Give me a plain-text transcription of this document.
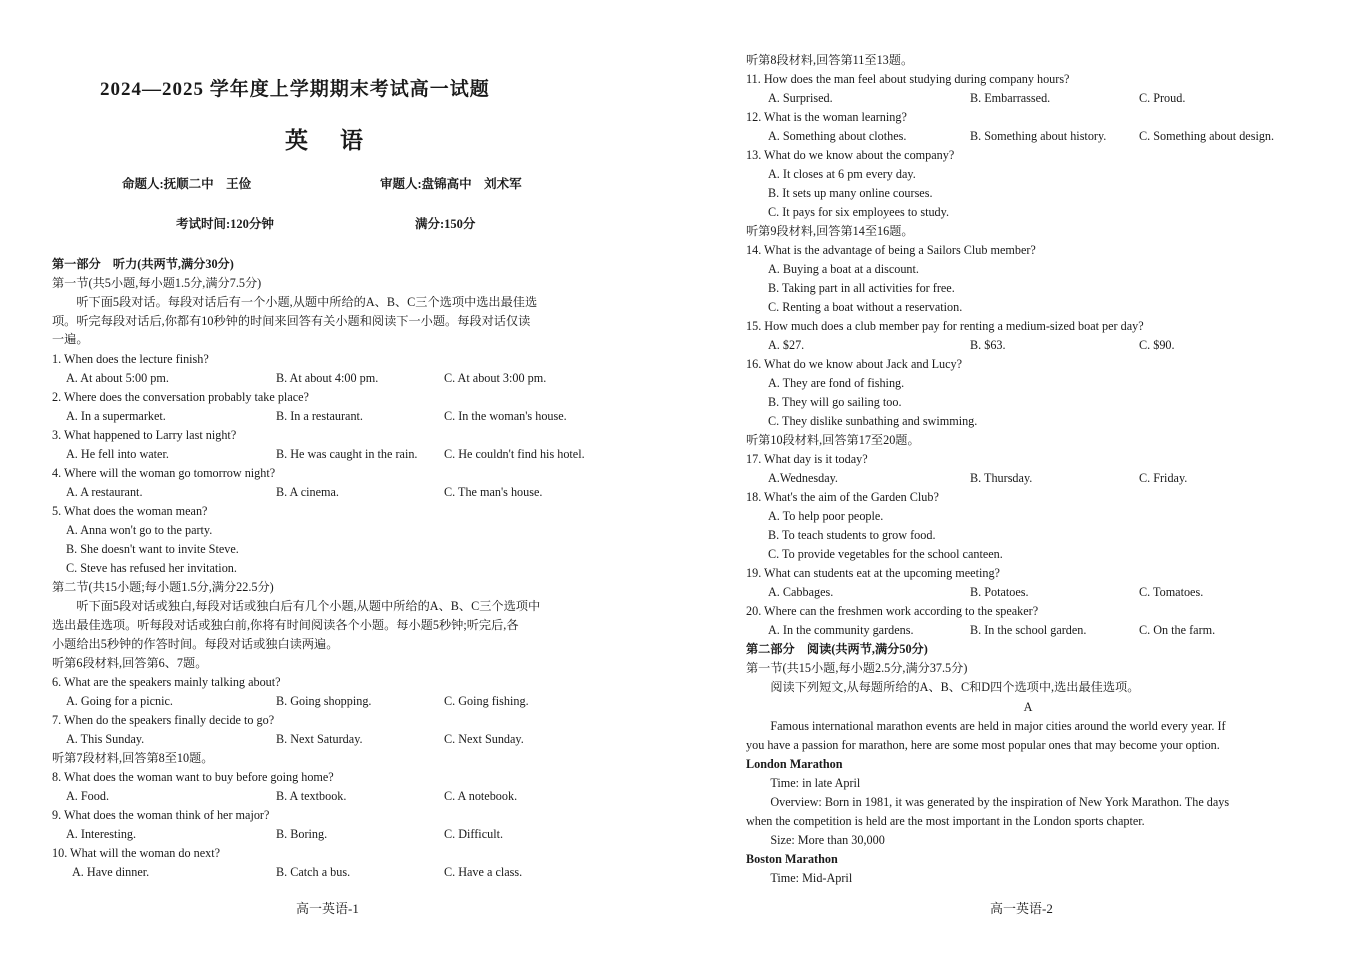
2024—2025 学年度上学期期末考试高一试题
英语
命题人:抚顺二中　王俭	审题人:盘锦高中　刘术军
考试时间:120分钟	满分:150分
第一部分　听力(共两节,满分30分)
第一节(共5小题,每小题1.5分,满分7.5分)
　　听下面5段对话。每段对话后有一个小题,从题中所给的A、B、C三个选项中选出最佳选
项。听完每段对话后,你都有10秒钟的时间来回答有关小题和阅读下一小题。每段对话仅读
一遍。
1. When does the lecture finish?
A. At about 5:00 pm.	B. At about 4:00 pm.	C. At about 3:00 pm.
2. Where does the conversation probably take place?
A. In a supermarket.	B. In a restaurant.	C. In the woman's house.
3. What happened to Larry last night?
A. He fell into water.	B. He was caught in the rain. C. He couldn't find his hotel.
4. Where will the woman go tomorrow night?
A. A restaurant.	B. A cinema.	C. The man's house.
5. What does the woman mean?
A. Anna won't go to the party.
B. She doesn't want to invite Steve.
C. Steve has refused her invitation.
第二节(共15小题;每小题1.5分,满分22.5分)
　　听下面5段对话或独白,每段对话或独白后有几个小题,从题中所给的A、B、C三个选项中
选出最佳选项。听每段对话或独白前,你将有时间阅读各个小题。每小题5秒钟;听完后,各
小题给出5秒钟的作答时间。每段对话或独白读两遍。
听第6段材料,回答第6、7题。
6. What are the speakers mainly talking about?
A. Going for a picnic.	B. Going shopping.	C. Going fishing.
7. When do the speakers finally decide to go?
A. This Sunday.	B. Next Saturday.	C. Next Sunday.
听第7段材料,回答第8至10题。
8. What does the woman want to buy before going home?
A. Food.	B. A textbook.	C. A notebook.
9. What does the woman think of her major?
A. Interesting.	B. Boring.	C. Difficult.
10. What will the woman do next?
A. Have dinner.	B. Catch a bus.	C. Have a class.
高一英语-1
听第8段材料,回答第11至13题。
11. How does the man feel about studying during company hours?
A. Surprised.	B. Embarrassed.	C. Proud.
12. What is the woman learning?
A. Something about clothes.	B. Something about history.	C. Something about design.
13. What do we know about the company?
A. It closes at 6 pm every day.
B. It sets up many online courses.
C. It pays for six employees to study.
听第9段材料,回答第14至16题。
14. What is the advantage of being a Sailors Club member?
A. Buying a boat at a discount.
B. Taking part in all activities for free.
C. Renting a boat without a reservation.
15. How much does a club member pay for renting a medium-sized boat per day?
A. $27.	B. $63.	C. $90.
16. What do we know about Jack and Lucy?
A. They are fond of fishing.
B. They will go sailing too.
C. They dislike sunbathing and swimming.
听第10段材料,回答第17至20题。
17. What day is it today?
A.Wednesday.	B. Thursday.	C. Friday.
18. What's the aim of the Garden Club?
A. To help poor people.
B. To teach students to grow food.
C. To provide vegetables for the school canteen.
19. What can students eat at the upcoming meeting?
A. Cabbages.	B. Potatoes.	C. Tomatoes.
20. Where can the freshmen work according to the speaker?
A. In the community gardens.	B. In the school garden.	C. On the farm.
第二部分　阅读(共两节,满分50分)
第一节(共15小题,每小题2.5分,满分37.5分)
　　阅读下列短文,从每题所给的A、B、C和D四个选项中,选出最佳选项。
A
　　Famous international marathon events are held in major cities around the world every year. If
you have a passion for marathon, here are some most popular ones that may become your option.
London Marathon
　　Time: in late April
　　Overview: Born in 1981, it was generated by the inspiration of New York Marathon. The days
when the competition is held are the most important in the London sports chapter.
　　Size: More than 30,000
Boston Marathon
　　Time: Mid-April
高一英语-2
